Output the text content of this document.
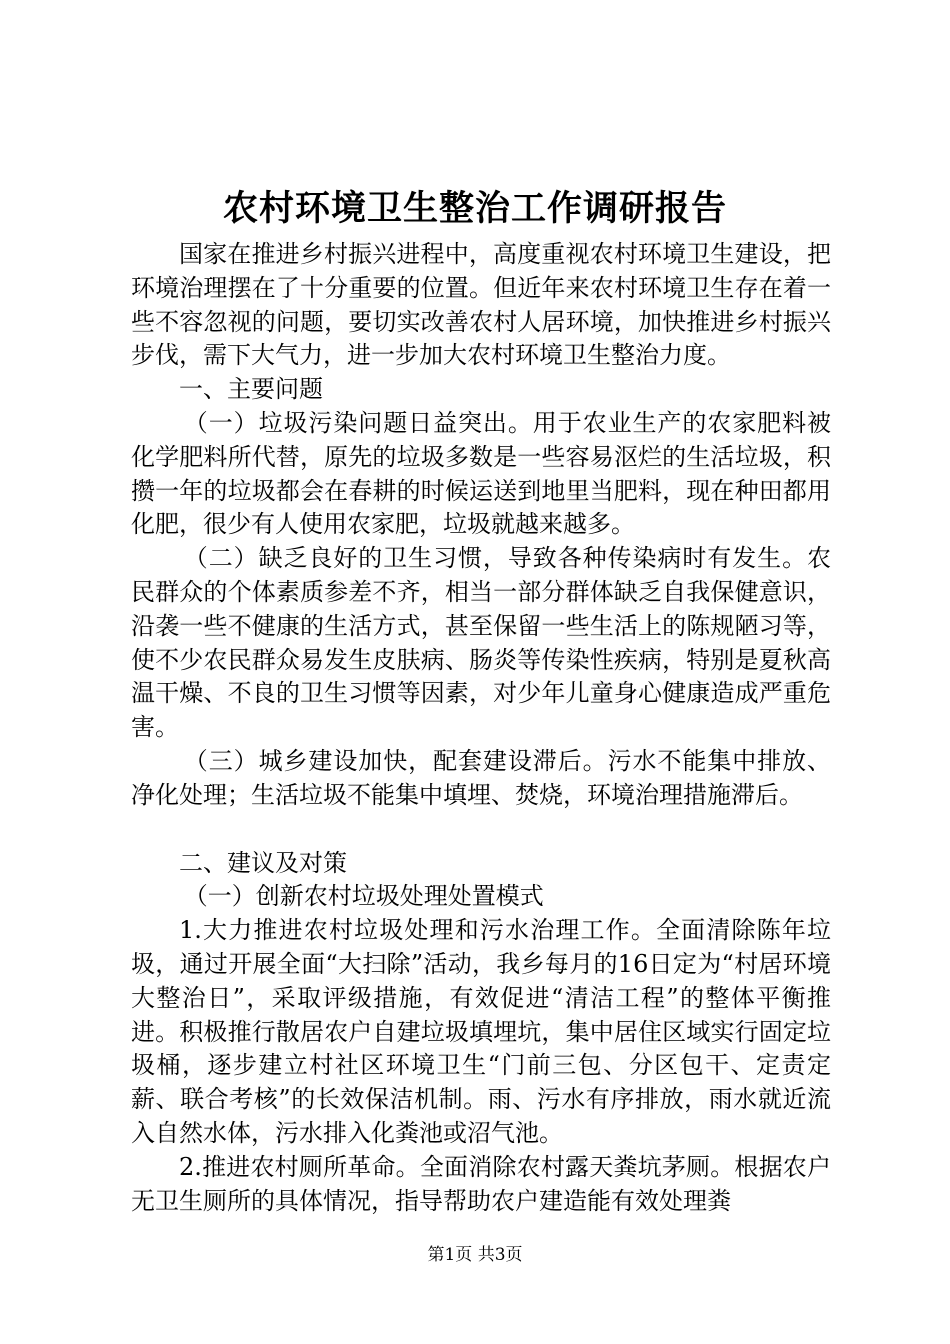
农村环境卫生整治工作调研报告

国家在推进乡村振兴进程中，高度重视农村环境卫生建设，把环境治理摆在了十分重要的位置。但近年来农村环境卫生存在着一些不容忽视的问题，要切实改善农村人居环境，加快推进乡村振兴步伐，需下大气力，进一步加大农村环境卫生整治力度。

一、主要问题

（一）垃圾污染问题日益突出。用于农业生产的农家肥料被化学肥料所代替，原先的垃圾多数是一些容易沤烂的生活垃圾，积攒一年的垃圾都会在春耕的时候运送到地里当肥料，现在种田都用化肥，很少有人使用农家肥，垃圾就越来越多。

（二）缺乏良好的卫生习惯，导致各种传染病时有发生。农民群众的个体素质参差不齐，相当一部分群体缺乏自我保健意识，沿袭一些不健康的生活方式，甚至保留一些生活上的陈规陋习等，使不少农民群众易发生皮肤病、肠炎等传染性疾病，特别是夏秋高温干燥、不良的卫生习惯等因素，对少年儿童身心健康造成严重危害。

（三）城乡建设加快，配套建设滞后。污水不能集中排放、净化处理；生活垃圾不能集中填埋、焚烧，环境治理措施滞后。

二、建议及对策

（一）创新农村垃圾处理处置模式

1.大力推进农村垃圾处理和污水治理工作。全面清除陈年垃圾，通过开展全面“大扫除”活动，我乡每月的16日定为“村居环境大整治日”，采取评级措施，有效促进“清洁工程”的整体平衡推进。积极推行散居农户自建垃圾填埋坑，集中居住区域实行固定垃圾桶，逐步建立村社区环境卫生“门前三包、分区包干、定责定薪、联合考核”的长效保洁机制。雨、污水有序排放，雨水就近流入自然水体，污水排入化粪池或沼气池。

2.推进农村厕所革命。全面消除农村露天粪坑茅厕。根据农户无卫生厕所的具体情况，指导帮助农户建造能有效处理粪

第1页 共3页
